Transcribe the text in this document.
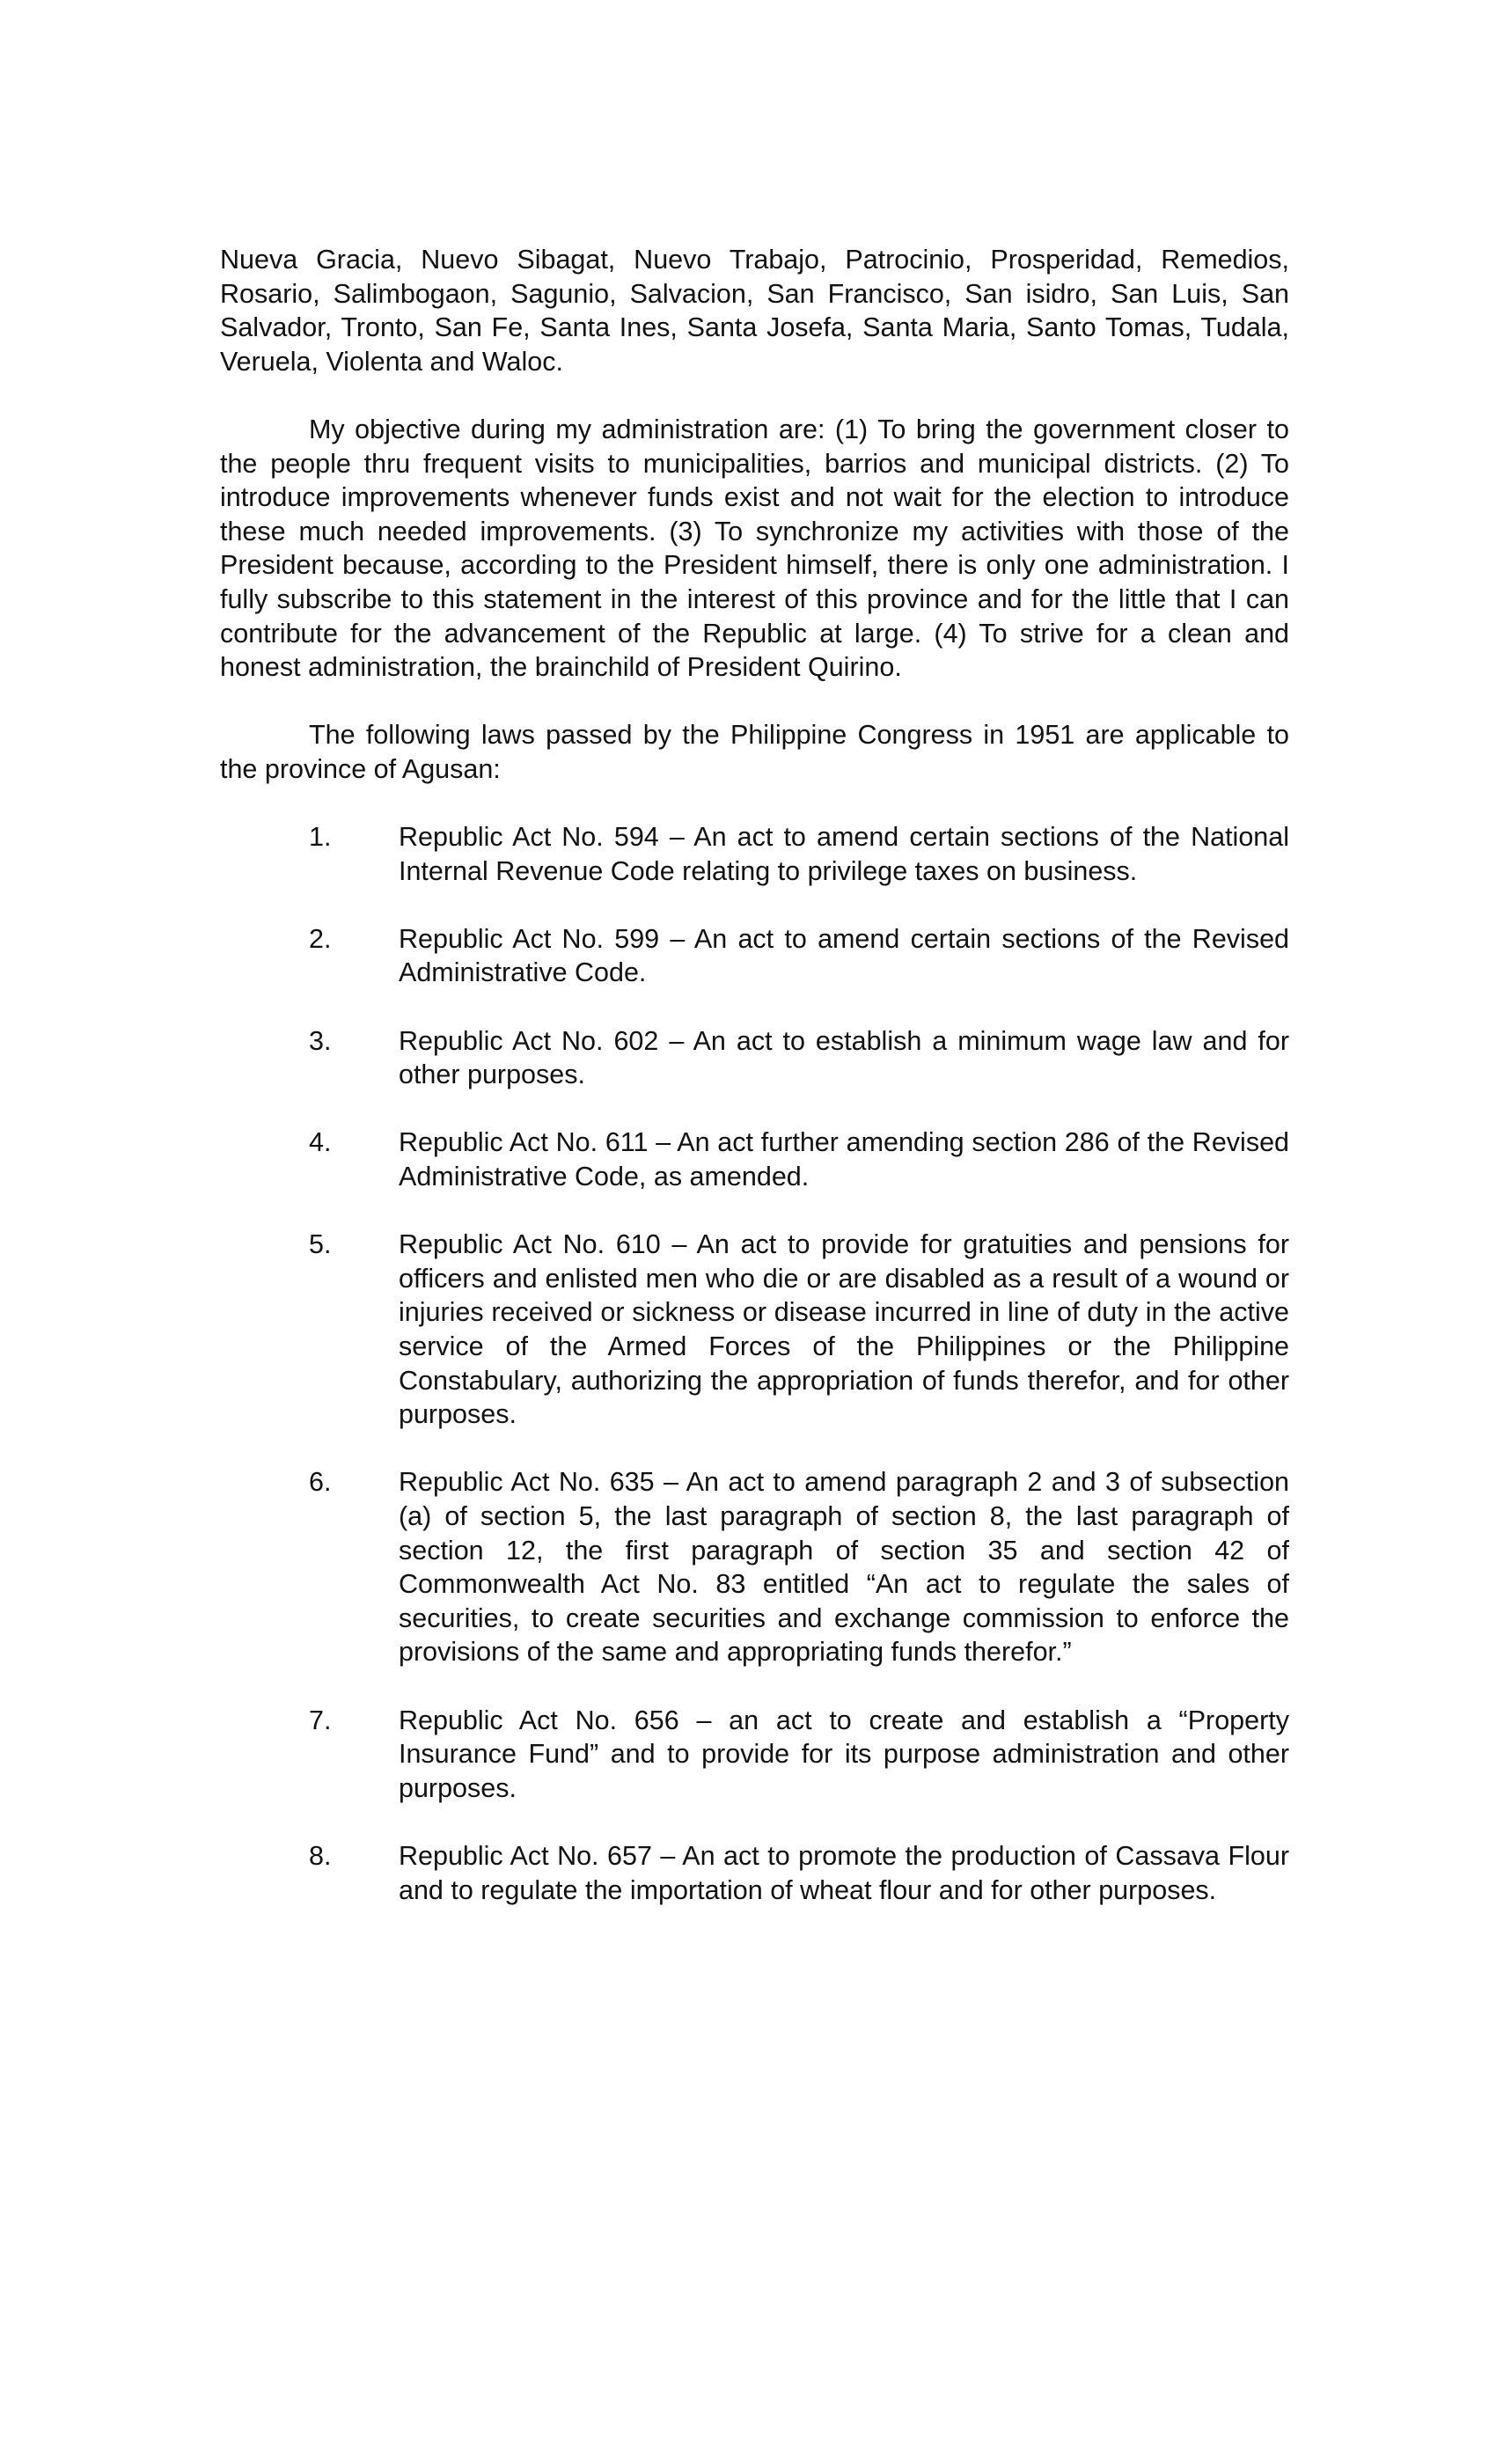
Nueva Gracia, Nuevo Sibagat, Nuevo Trabajo, Patrocinio, Prosperidad, Remedios, Rosario, Salimbogaon, Sagunio, Salvacion, San Francisco, San isidro, San Luis, San Salvador, Tronto, San Fe, Santa Ines, Santa Josefa, Santa Maria, Santo Tomas, Tudala, Veruela, Violenta and Waloc.

My objective during my administration are: (1) To bring the government closer to the people thru frequent visits to municipalities, barrios and municipal districts. (2) To introduce improvements whenever funds exist and not wait for the election to introduce these much needed improvements. (3) To synchronize my activities with those of the President because, according to the President himself, there is only one administration. I fully subscribe to this statement in the interest of this province and for the little that I can contribute for the advancement of the Republic at large. (4) To strive for a clean and honest administration, the brainchild of President Quirino.

The following laws passed by the Philippine Congress in 1951 are applicable to the province of Agusan:

1.	Republic Act No. 594 – An act to amend certain sections of the National Internal Revenue Code relating to privilege taxes on business.
2.	Republic Act No. 599 – An act to amend certain sections of the Revised Administrative Code.
3.	Republic Act No. 602 – An act to establish a minimum wage law and for other purposes.
4.	Republic Act No. 611 – An act further amending section 286 of the Revised Administrative Code, as amended.
5.	Republic Act No. 610 – An act to provide for gratuities and pensions for officers and enlisted men who die or are disabled as a result of a wound or injuries received or sickness or disease incurred in line of duty in the active service of the Armed Forces of the Philippines or the Philippine Constabulary, authorizing the appropriation of funds therefor, and for other purposes.
6.	Republic Act No. 635 – An act to amend paragraph 2 and 3 of subsection (a) of section 5, the last paragraph of section 8, the last paragraph of section 12, the first paragraph of section 35 and section 42 of Commonwealth Act No. 83 entitled “An act to regulate the sales of securities, to create securities and exchange commission to enforce the provisions of the same and appropriating funds therefor.”
7.	Republic Act No. 656 – an act to create and establish a “Property Insurance Fund” and to provide for its purpose administration and other purposes.
8.	Republic Act No. 657 – An act to promote the production of Cassava Flour and to regulate the importation of wheat flour and for other purposes.
